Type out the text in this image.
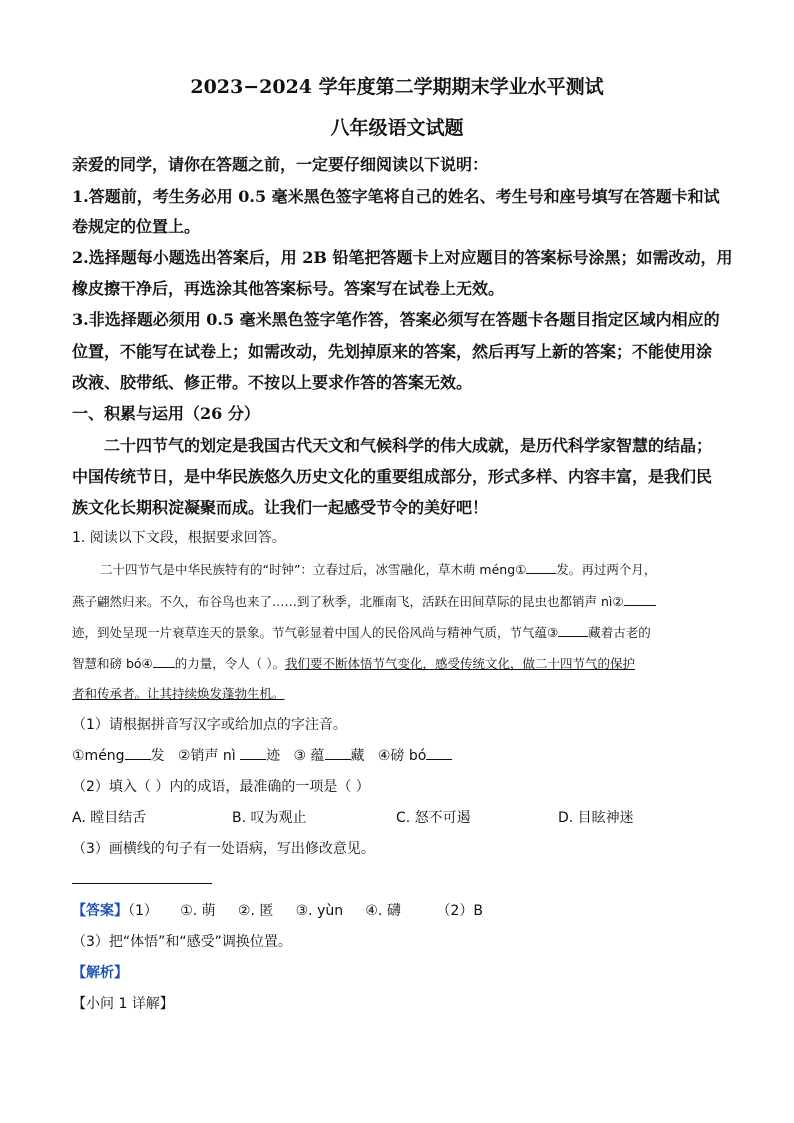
2023−2024 学年度第二学期期末学业水平测试
八年级语文试题
亲爱的同学，请你在答题之前，一定要仔细阅读以下说明：
1.答题前，考生务必用 0.5 毫米黑色签字笔将自己的姓名、考生号和座号填写在答题卡和试
卷规定的位置上。
2.选择题每小题选出答案后，用 2B 铅笔把答题卡上对应题目的答案标号涂黑；如需改动，用
橡皮擦干净后，再选涂其他答案标号。答案写在试卷上无效。
3.非选择题必须用 0.5 毫米黑色签字笔作答，答案必须写在答题卡各题目指定区域内相应的
位置，不能写在试卷上；如需改动，先划掉原来的答案，然后再写上新的答案；不能使用涂
改液、胶带纸、修正带。不按以上要求作答的答案无效。
一、积累与运用（26 分）
二十四节气的划定是我国古代天文和气候科学的伟大成就，是历代科学家智慧的结晶；
中国传统节日，是中华民族悠久历史文化的重要组成部分，形式多样、内容丰富，是我们民
族文化长期积淀凝聚而成。让我们一起感受节令的美好吧！
1. 阅读以下文段，根据要求回答。
二十四节气是中华民族特有的“时钟”：立春过后，冰雪融化，草木萌 méng① 发。再过两个月，
燕子翩然归来。不久，布谷鸟也来了……到了秋季，北雁南飞，活跃在田间草际的昆虫也都销声 nì②
迹，到处呈现一片衰草连天的景象。节气彰显着中国人的民俗风尚与精神气质，节气蕴③ 藏着古老的
智慧和磅 bó④ 的力量，令人（ ）。我们要不断体悟节气变化，感受传统文化，做二十四节气的保护
者和传承者。让其持续焕发蓬勃生机。
（1）请根据拼音写汉字或给加点的字注音。
①méng 发 ②销声 nì 迹 ③ 蕴 藏 ④磅 bó
（2）填入（ ）内的成语，最准确的一项是（ ）
A. 瞠目结舌	B. 叹为观止	C. 怒不可遏	D. 目眩神迷
（3）画横线的句子有一处语病，写出修改意见。
【答案】（1） ①. 萌 ②. 匿 ③. yùn ④. 礴	（2）B
（3）把“体悟”和“感受”调换位置。
【解析】
【小问 1 详解】
